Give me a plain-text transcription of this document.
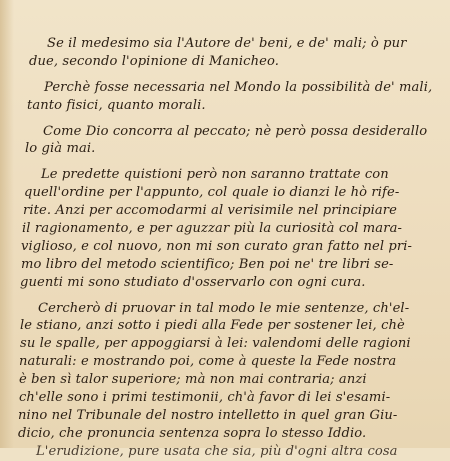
Se il medesimo sia l'Autore de' beni, e de' mali; ò pur
due, secondo l'opinione di Manicheo.
Perchè fosse necessaria nel Mondo la possibilità de' mali,
tanto fisici, quanto morali.
Come Dio concorra al peccato; nè però possa desiderallo
lo già mai.
Le predette quistioni però non saranno trattate con
quell'ordine per l'appunto, col quale io dianzi le hò rife-
rite. Anzi per accomodarmi al verisimile nel principiare
il ragionamento, e per aguzzar più la curiosità col mara-
viglioso, e col nuovo, non mi son curato gran fatto nel pri-
mo libro del metodo scientifico; Ben poi ne' tre libri se-
guenti mi sono studiato d'osservarlo con ogni cura.
Cercherò di pruovar in tal modo le mie sentenze, ch'el-
le stiano, anzi sotto i piedi alla Fede per sostener lei, chè
su le spalle, per appoggiarsi à lei: valendomi delle ragioni
naturali: e mostrando poi, come à queste la Fede nostra
è ben sì talor superiore; mà non mai contraria; anzi
ch'elle sono i primi testimonii, ch'à favor di lei s'esami-
nino nel Tribunale del nostro intelletto in quel gran Giu-
dicio, che pronuncia sentenza sopra lo stesso Iddio.
L'erudizione, pure usata che sia, più d'ogni altra cosa
